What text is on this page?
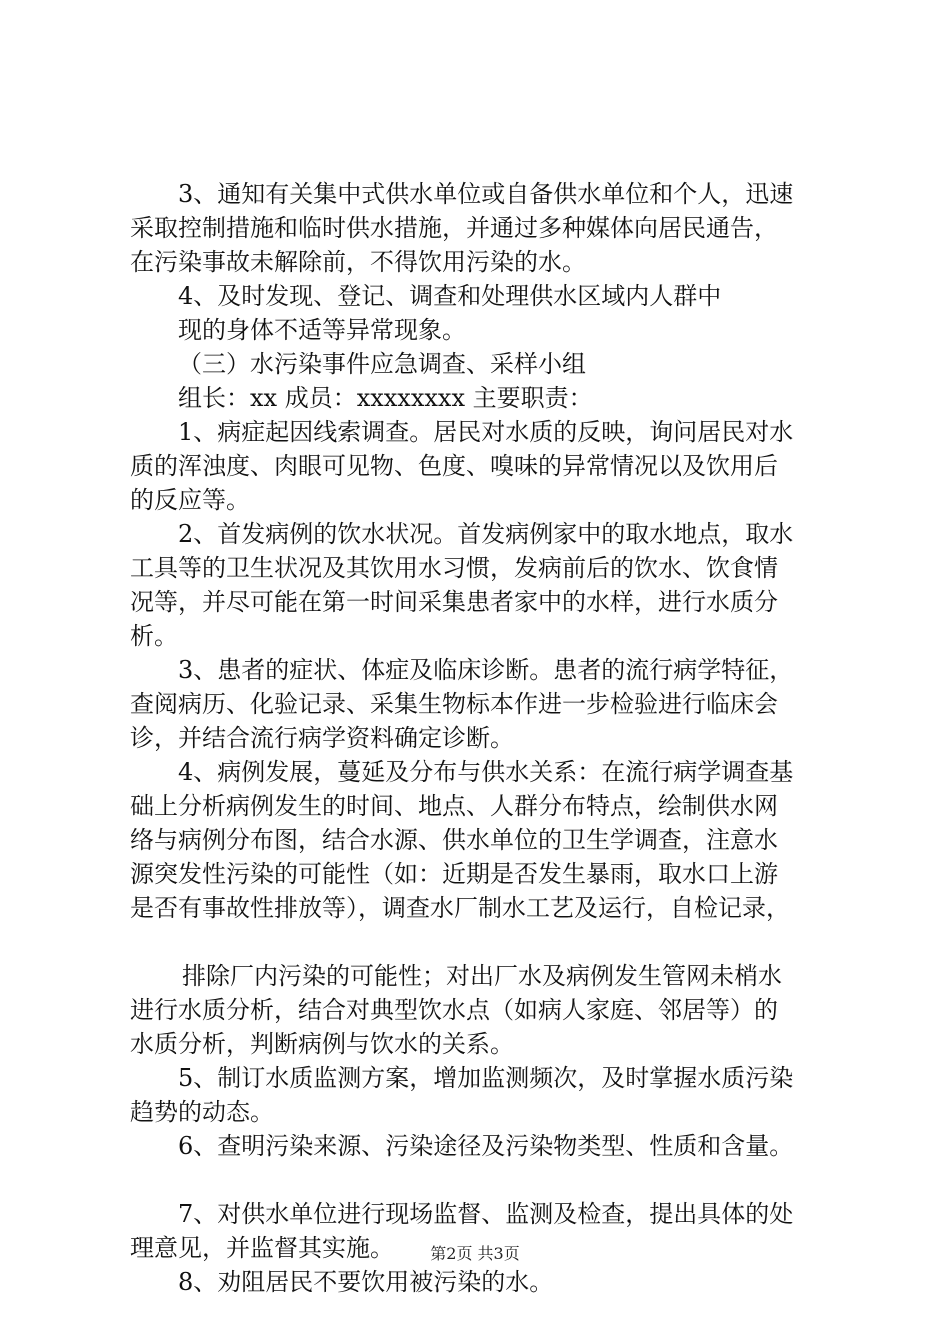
3、通知有关集中式供水单位或自备供水单位和个人，迅速
采取控制措施和临时供水措施，并通过多种媒体向居民通告，
在污染事故未解除前，不得饮用污染的水。
4、及时发现、登记、调查和处理供水区域内人群中
现的身体不适等异常现象。
（三）水污染事件应急调查、采样小组
组长：xx 成员：xxxxxxxx 主要职责：
1、病症起因线索调查。居民对水质的反映，询问居民对水
质的浑浊度、肉眼可见物、色度、嗅味的异常情况以及饮用后
的反应等。
2、首发病例的饮水状况。首发病例家中的取水地点，取水
工具等的卫生状况及其饮用水习惯，发病前后的饮水、饮食情
况等，并尽可能在第一时间采集患者家中的水样，进行水质分
析。
3、患者的症状、体症及临床诊断。患者的流行病学特征，
查阅病历、化验记录、采集生物标本作进一步检验进行临床会
诊，并结合流行病学资料确定诊断。
4、病例发展，蔓延及分布与供水关系：在流行病学调查基
础上分析病例发生的时间、地点、人群分布特点，绘制供水网
络与病例分布图，结合水源、供水单位的卫生学调查，注意水
源突发性污染的可能性（如：近期是否发生暴雨，取水口上游
是否有事故性排放等），调查水厂制水工艺及运行，自检记录，
排除厂内污染的可能性；对出厂水及病例发生管网未梢水
进行水质分析，结合对典型饮水点（如病人家庭、邻居等）的
水质分析，判断病例与饮水的关系。
5、制订水质监测方案，增加监测频次，及时掌握水质污染
趋势的动态。
6、查明污染来源、污染途径及污染物类型、性质和含量。
7、对供水单位进行现场监督、监测及检查，提出具体的处
理意见，并监督其实施。
8、劝阻居民不要饮用被污染的水。
第2页 共3页
